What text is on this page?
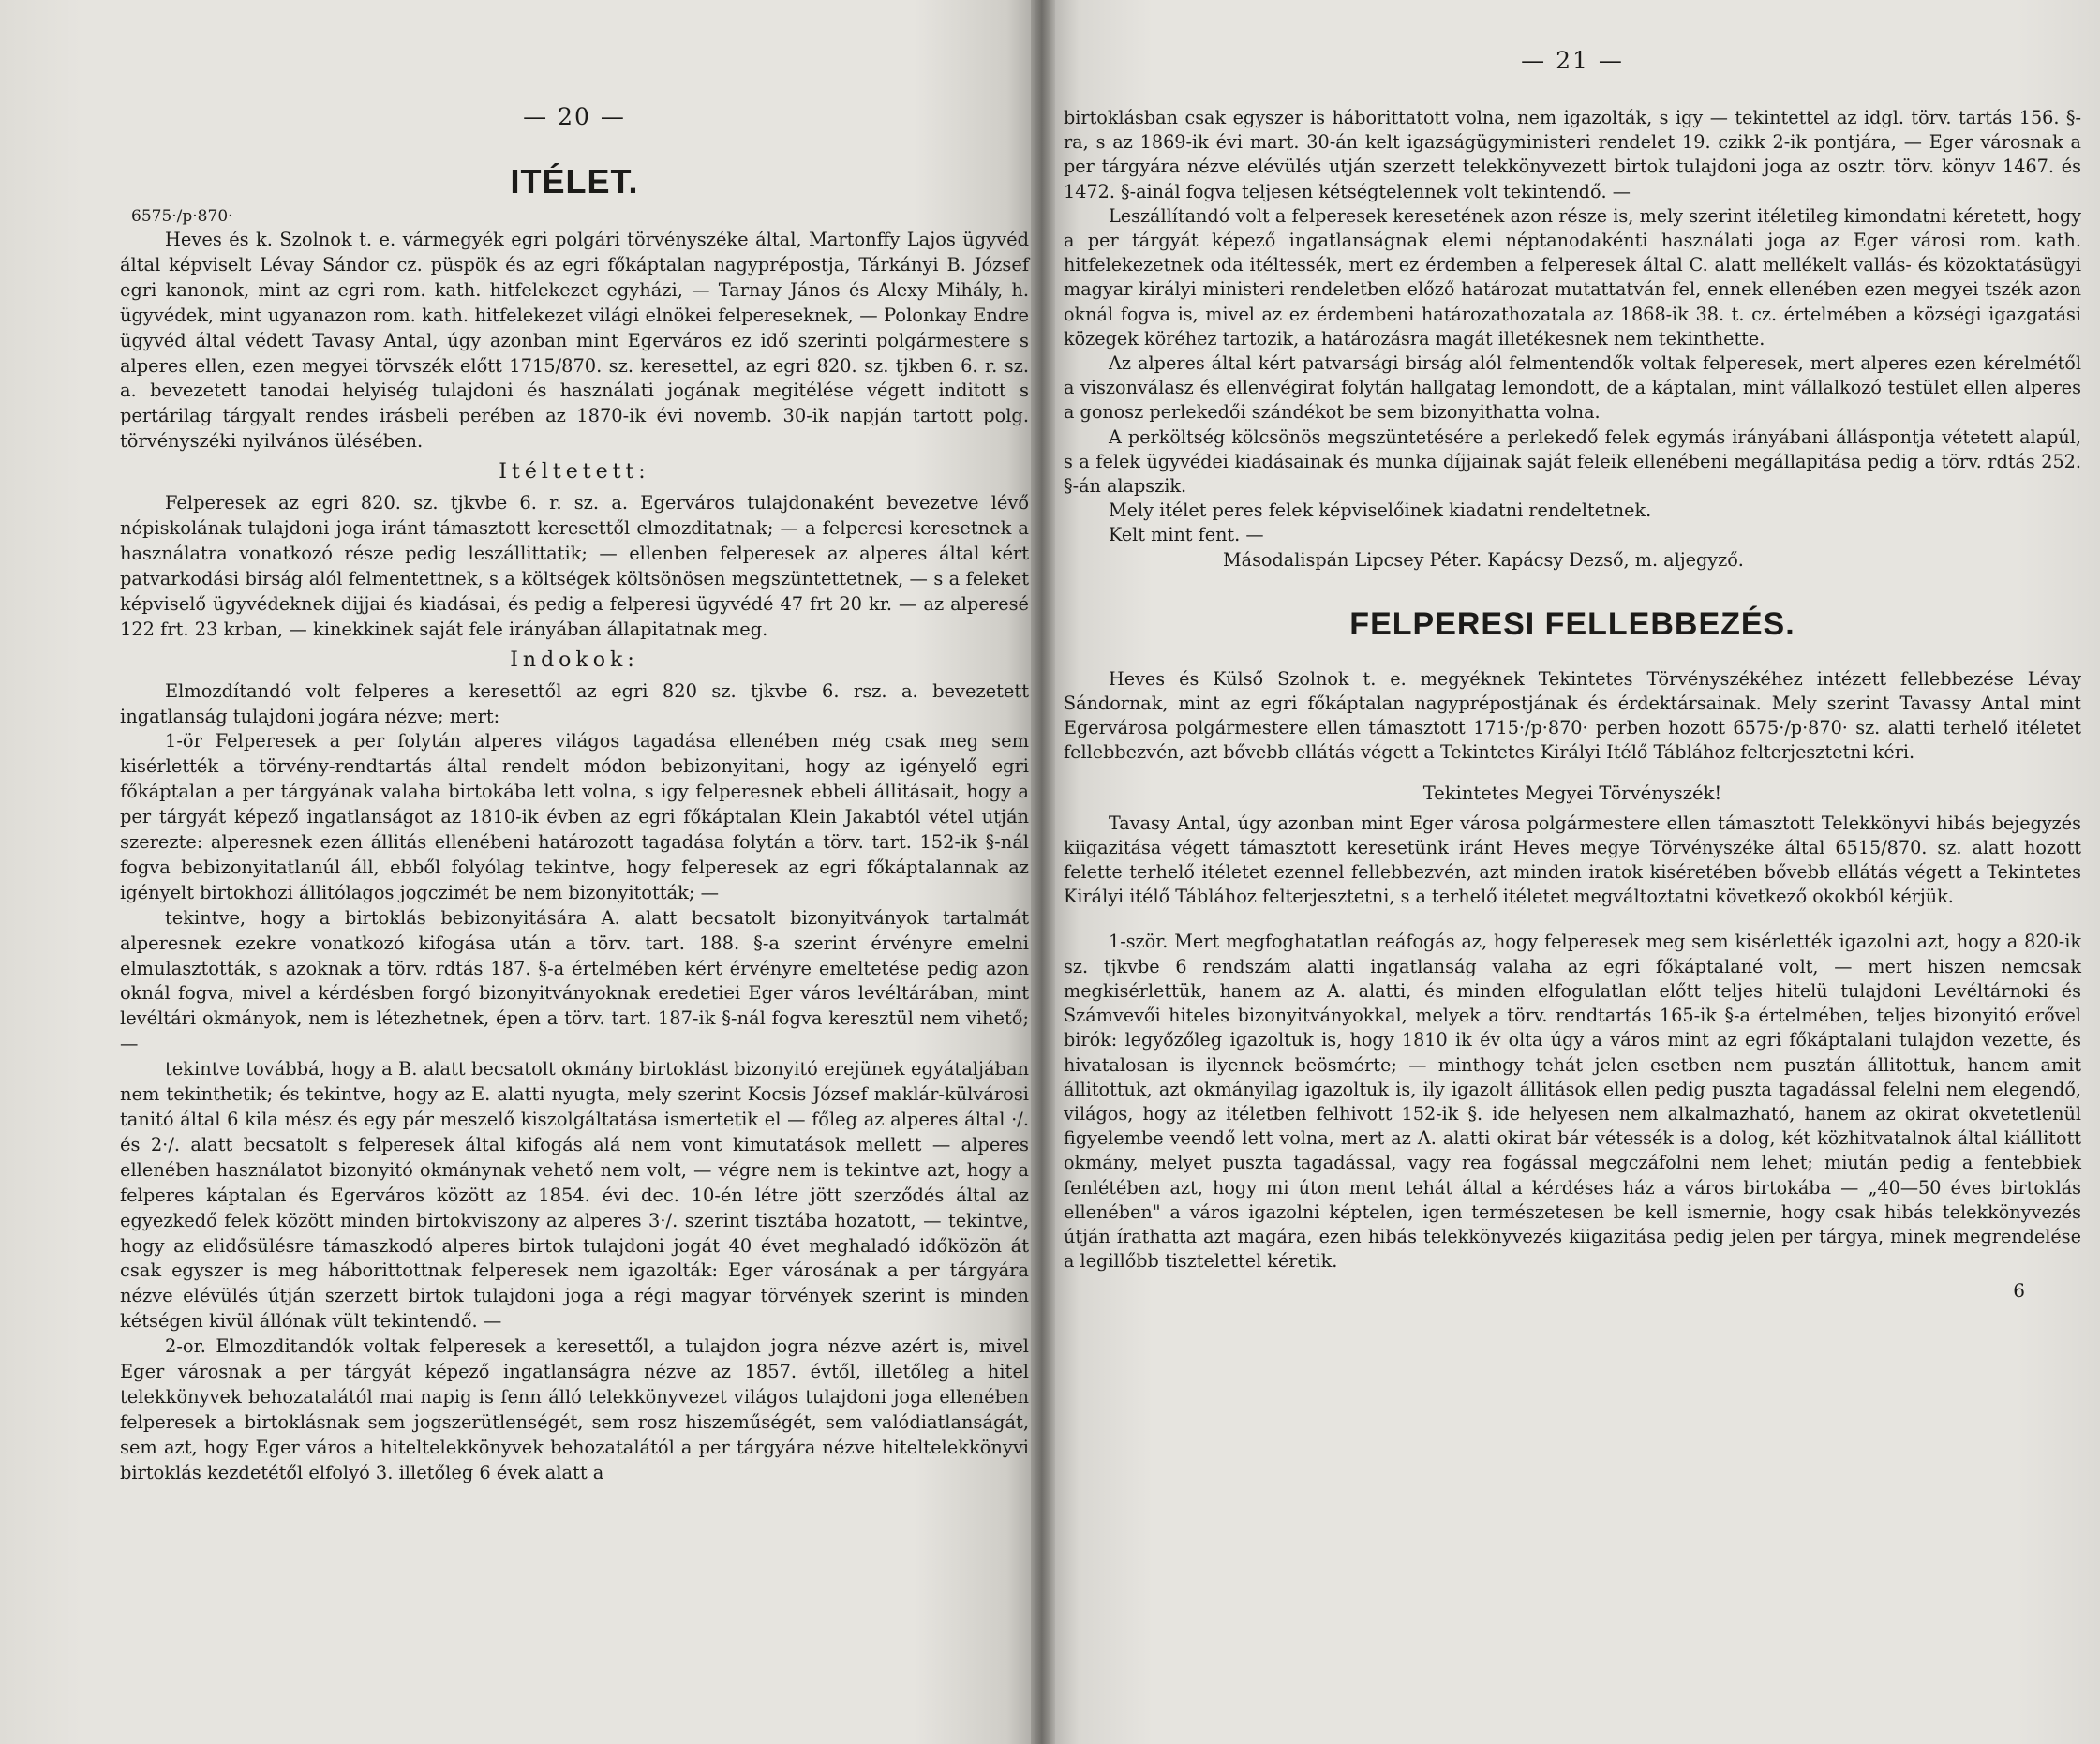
— 20 —
ITÉLET.
6575·/p·870·

Heves és k. Szolnok t. e. vármegyék egri polgári törvényszéke által, Martonffy Lajos ügyvéd által képviselt Lévay Sándor cz. püspök és az egri főkáptalan nagyprépostja, Tárkányi B. József egri kanonok, mint az egri rom. kath. hitfelekezet egyházi, — Tarnay János és Alexy Mihály, h. ügyvédek, mint ugyanazon rom. kath. hitfelekezet világi elnökei felpereseknek, — Polonkay Endre ügyvéd által védett Tavasy Antal, úgy azonban mint Egerváros ez idő szerinti polgármestere s alperes ellen, ezen megyei törvszék előtt 1715/870. sz. keresettel, az egri 820. sz. tjkben 6. r. sz. a. bevezetett tanodai helyiség tulajdoni és használati jogának megitélése végett inditott s pertárilag tárgyalt rendes irásbeli perében az 1870-ik évi novemb. 30-ik napján tartott polg. törvényszéki nyilvános ülésében.

Itéltetett:

Felperesek az egri 820. sz. tjkvbe 6. r. sz. a. Egerváros tulajdonaként bevezetve lévő népiskolának tulajdoni joga iránt támasztott keresettől elmozditatnak; — a felperesi keresetnek a használatra vonatkozó része pedig leszállittatik; — ellenben felperesek az alperes által kért patvarkodási birság alól felmentettnek, s a költségek költsönösen megszüntettetnek, — s a feleket képviselő ügyvédeknek dijjai és kiadásai, és pedig a felperesi ügyvédé 47 frt 20 kr. — az alperesé 122 frt. 23 krban, — kinekkinek saját fele irányában állapitatnak meg.

Indokok:

Elmozdítandó volt felperes a keresettől az egri 820 sz. tjkvbe 6. rsz. a. bevezetett ingatlanság tulajdoni jogára nézve; mert:

1-ör Felperesek a per folytán alperes világos tagadása ellenében még csak meg sem kisérlették a törvény-rendtartás által rendelt módon bebizonyitani, hogy az igényelő egri főkáptalan a per tárgyának valaha birtokába lett volna, s igy felperesnek ebbeli állitásait, hogy a per tárgyát képező ingatlanságot az 1810-ik évben az egri főkáptalan Klein Jakabtól vétel utján szerezte: alperesnek ezen állitás ellenébeni határozott tagadása folytán a törv. tart. 152-ik §-nál fogva bebizonyitatlanúl áll, ebből folyólag tekintve, hogy felperesek az egri főkáptalannak az igényelt birtokhozi állitólagos jogczimét be nem bizonyitották; —

tekintve, hogy a birtoklás bebizonyitására A. alatt becsatolt bizonyitványok tartalmát alperesnek ezekre vonatkozó kifogása után a törv. tart. 188. §-a szerint érvényre emelni elmulasztották, s azoknak a törv. rdtás 187. §-a értelmében kért érvényre emeltetése pedig azon oknál fogva, mivel a kérdésben forgó bizonyitványoknak eredetiei Eger város levéltárában, mint levéltári okmányok, nem is létezhetnek, épen a törv. tart. 187-ik §-nál fogva keresztül nem vihető; —

tekintve továbbá, hogy a B. alatt becsatolt okmány birtoklást bizonyitó erejünek egyátaljában nem tekinthetik; és tekintve, hogy az E. alatti nyugta, mely szerint Kocsis József maklár-külvárosi tanitó által 6 kila mész és egy pár meszelő kiszolgáltatása ismertetik el — főleg az alperes által ·/. és 2·/. alatt becsatolt s felperesek által kifogás alá nem vont kimutatások mellett — alperes ellenében használatot bizonyitó okmánynak vehető nem volt, — végre nem is tekintve azt, hogy a felperes káptalan és Egerváros között az 1854. évi dec. 10-én létre jött szerződés által az egyezkedő felek között minden birtokviszony az alperes 3·/. szerint tisztába hozatott, — tekintve, hogy az elidősülésre támaszkodó alperes birtok tulajdoni jogát 40 évet meghaladó időközön át csak egyszer is meg háborittottnak felperesek nem igazolták: Eger városának a per tárgyára nézve elévülés útján szerzett birtok tulajdoni joga a régi magyar törvények szerint is minden kétségen kivül állónak vült tekintendő. —

2-or. Elmozditandók voltak felperesek a keresettől, a tulajdon jogra nézve azért is, mivel Eger városnak a per tárgyát képező ingatlanságra nézve az 1857. évtől, illetőleg a hitel telekkönyvek behozatalától mai napig is fenn álló telekkönyvezet világos tulajdoni joga ellenében felperesek a birtoklásnak sem jogszerütlenségét, sem rosz hiszeműségét, sem valódiatlanságát, sem azt, hogy Eger város a hiteltelekkönyvek behozatalától a per tárgyára nézve hiteltelekkönyvi birtoklás kezdetétől elfolyó 3. illetőleg 6 évek alatt a

— 21 —

birtoklásban csak egyszer is háborittatott volna, nem igazolták, s igy — tekintettel az idgl. törv. tartás 156. §-ra, s az 1869-ik évi mart. 30-án kelt igazságügyministeri rendelet 19. czikk 2-ik pontjára, — Eger városnak a per tárgyára nézve elévülés utján szerzett telekkönyvezett birtok tulajdoni joga az osztr. törv. könyv 1467. és 1472. §-ainál fogva teljesen kétségtelennek volt tekintendő. —

Leszállítandó volt a felperesek keresetének azon része is, mely szerint itéletileg kimondatni kéretett, hogy a per tárgyát képező ingatlanságnak elemi néptanodakénti használati joga az Eger városi rom. kath. hitfelekezetnek oda itéltessék, mert ez érdemben a felperesek által C. alatt mellékelt vallás- és közoktatásügyi magyar királyi ministeri rendeletben előző határozat mutattatván fel, ennek ellenében ezen megyei tszék azon oknál fogva is, mivel az ez érdembeni határozathozatala az 1868-ik 38. t. cz. értelmében a községi igazgatási közegek köréhez tartozik, a határozásra magát illetékesnek nem tekinthette.

Az alperes által kért patvarsági birság alól felmentendők voltak felperesek, mert alperes ezen kérelmétől a viszonválasz és ellenvégirat folytán hallgatag lemondott, de a káptalan, mint vállalkozó testület ellen alperes a gonosz perlekedői szándékot be sem bizonyithatta volna.

A perköltség kölcsönös megszüntetésére a perlekedő felek egymás irányábani álláspontja vétetett alapúl, s a felek ügyvédei kiadásainak és munka díjjainak saját feleik ellenébeni megállapitása pedig a törv. rdtás 252. §-án alapszik.

Mely itélet peres felek képviselőinek kiadatni rendeltetnek.

Kelt mint fent. —

Másodalispán Lipcsey Péter. Kapácsy Dezső, m. aljegyző.

FELPERESI FELLEBBEZÉS.

Heves és Külső Szolnok t. e. megyéknek Tekintetes Törvényszékéhez intézett fellebbezése Lévay Sándornak, mint az egri főkáptalan nagyprépostjának és érdektársainak. Mely szerint Tavassy Antal mint Egervárosa polgármestere ellen támasztott 1715·/p·870· perben hozott 6575·/p·870· sz. alatti terhelő itéletet fellebbezvén, azt bővebb ellátás végett a Tekintetes Királyi Itélő Táblához felterjesztetni kéri.

Tekintetes Megyei Törvényszék!

Tavasy Antal, úgy azonban mint Eger városa polgármestere ellen támasztott Telekkönyvi hibás bejegyzés kiigazitása végett támasztott keresetünk iránt Heves megye Törvényszéke által 6515/870. sz. alatt hozott felette terhelő itéletet ezennel fellebbezvén, azt minden iratok kiséretében bővebb ellátás végett a Tekintetes Királyi itélő Táblához felterjesztetni, s a terhelő itéletet megváltoztatni következő okokból kérjük.

1-ször. Mert megfoghatatlan reáfogás az, hogy felperesek meg sem kisérlették igazolni azt, hogy a 820-ik sz. tjkvbe 6 rendszám alatti ingatlanság valaha az egri főkáptalané volt, — mert hiszen nemcsak megkisérlettük, hanem az A. alatti, és minden elfogulatlan előtt teljes hitelü tulajdoni Levéltárnoki és Számvevői hiteles bizonyitványokkal, melyek a törv. rendtartás 165-ik §-a értelmében, teljes bizonyitó erővel birók: legyőzőleg igazoltuk is, hogy 1810 ik év olta úgy a város mint az egri főkáptalani tulajdon vezette, és hivatalosan is ilyennek beösmérte; — minthogy tehát jelen esetben nem pusztán állitottuk, hanem amit állitottuk, azt okmányilag igazoltuk is, ily igazolt állitások ellen pedig puszta tagadással felelni nem elegendő, világos, hogy az itéletben felhivott 152-ik §. ide helyesen nem alkalmazható, hanem az okirat okvetetlenül figyelembe veendő lett volna, mert az A. alatti okirat bár vétessék is a dolog, két közhitvatalnok által kiállitott okmány, melyet puszta tagadással, vagy rea fogással megczáfolni nem lehet; miután pedig a fentebbiek fenlétében azt, hogy mi úton ment tehát által a kérdéses ház a város birtokába — „40—50 éves birtoklás ellenében" a város igazolni képtelen, igen természetesen be kell ismernie, hogy csak hibás telekkönyvezés útján írathatta azt magára, ezen hibás telekkönyvezés kiigazitása pedig jelen per tárgya, minek megrendelése a legillőbb tisztelettel kéretik.

6
